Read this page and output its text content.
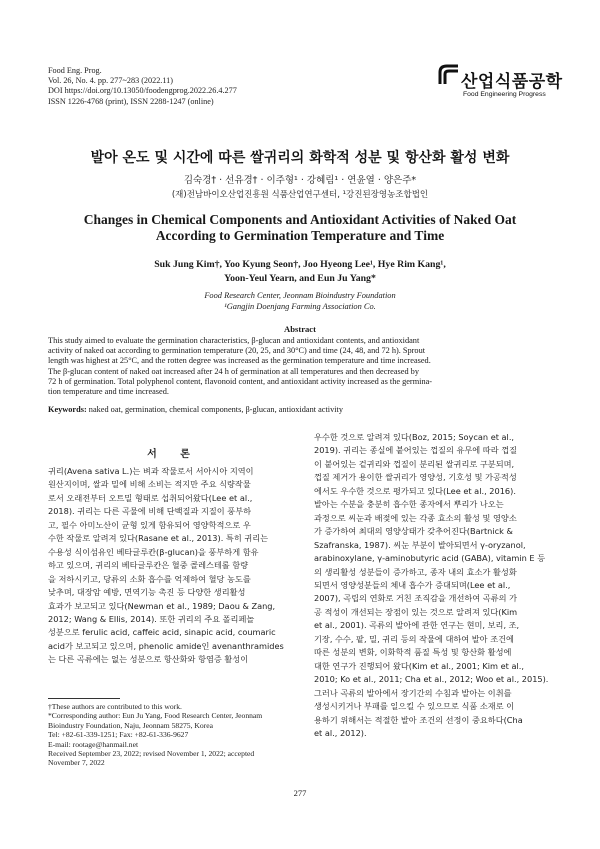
Food Eng. Prog.
Vol. 26, No. 4. pp. 277~283 (2022.11)
DOI https://doi.org/10.13050/foodengprog.2022.26.4.277
ISSN 1226-4768 (print), ISSN 2288-1247 (online)
산업식품공학
Food Engineering Progress
발아 온도 및 시간에 따른 쌀귀리의 화학적 성분 및 항산화 활성 변화
김숙경† · 선유경† · 이주형¹ · 강혜림¹ · 연윤열 · 양은주*
(재)전남바이오산업진흥원 식품산업연구센터, ¹강진된장영농조합법인
Changes in Chemical Components and Antioxidant Activities of Naked Oat
According to Germination Temperature and Time
Suk Jung Kim†, Yoo Kyung Seon†, Joo Hyeong Lee¹, Hye Rim Kang¹,
Yoon-Yeul Yearn, and Eun Ju Yang*
Food Research Center, Jeonnam Bioindustry Foundation
¹Gangjin Doenjang Farming Association Co.
Abstract
This study aimed to evaluate the germination characteristics, β-glucan and antioxidant contents, and antioxidant
activity of naked oat according to germination temperature (20, 25, and 30°C) and time (24, 48, and 72 h). Sprout
length was highest at 25°C, and the rotten degree was increased as the germination temperature and time increased.
The β-glucan content of naked oat increased after 24 h of germination at all temperatures and then decreased by
72 h of germination. Total polyphenol content, flavonoid content, and antioxidant activity increased as the germina-
tion temperature and time increased.
Keywords: naked oat, germination, chemical components, β-glucan, antioxidant activity
서 론

귀리(Avena sativa L.)는 벼과 작물로서 서아시아 지역이

원산지이며, 쌀과 밀에 비해 소비는 적지만 주요 식량작물

로서 오래전부터 오트밀 형태로 섭취되어왔다(Lee et al.,

2018). 귀리는 다른 곡물에 비해 단백질과 지질이 풍부하

고, 필수 아미노산이 균형 있게 함유되어 영양학적으로 우

수한 작물로 알려져 있다(Rasane et al., 2013). 특히 귀리는

수용성 식이섬유인 베타글루칸(β-glucan)을 풍부하게 함유

하고 있으며, 귀리의 베타글루칸은 혈중 콜레스테롤 함량

을 저하시키고, 당류의 소화 흡수를 억제하여 혈당 농도를

낮추며, 대장암 예방, 면역기능 촉진 등 다양한 생리활성

효과가 보고되고 있다(Newman et al., 1989; Daou & Zang,

2012; Wang & Ellis, 2014). 또한 귀리의 주요 폴리페놀

성분으로 ferulic acid, caffeic acid, sinapic acid, coumaric

acid가 보고되고 있으며, phenolic amide인 avenanthramides

는 다른 곡류에는 없는 성분으로 항산화와 항염증 활성이

우수한 것으로 알려져 있다(Boz, 2015; Soycan et al.,

2019). 귀리는 종실에 붙어있는 껍질의 유무에 따라 껍질

이 붙어있는 겉귀리와 껍질이 분리된 쌀귀리로 구분되며,

껍질 제거가 용이한 쌀귀리가 영양성, 기호성 및 가공적성

에서도 우수한 것으로 평가되고 있다(Lee et al., 2016).

발아는 수분을 충분히 흡수한 종자에서 뿌리가 나오는

과정으로 씨눈과 배젖에 있는 각종 효소의 활성 및 영양소

가 증가하여 최대의 영양상태가 갖추어진다(Bartnick &

Szafranska, 1987). 씨눈 부분이 발아되면서 γ-oryzanol,

arabinoxylane, γ-aminobutyric acid (GABA), vitamin E 등

의 생리활성 성분들이 증가하고, 종자 내의 효소가 활성화

되면서 영양성분들의 체내 흡수가 증대되며(Lee et al.,

2007), 곡립의 연화로 거친 조직감을 개선하여 곡류의 가

공 적성이 개선되는 장점이 있는 것으로 알려져 있다(Kim

et al., 2001). 곡류의 발아에 관한 연구는 현미, 보리, 조,

기장, 수수, 팥, 밀, 귀리 등의 작물에 대하여 발아 조건에

따른 성분의 변화, 이화학적 품질 특성 및 항산화 활성에

대한 연구가 진행되어 왔다(Kim et al., 2001; Kim et al.,

2010; Ko et al., 2011; Cha et al., 2012; Woo et al., 2015).

그러나 곡류의 발아에서 장기간의 수침과 발아는 이취를

생성시키거나 부패를 일으킬 수 있으므로 식품 소재로 이

용하기 위해서는 적절한 발아 조건의 선정이 중요하다(Cha

et al., 2012).

†These authors are contributed to this work.

*Corresponding author: Eun Ju Yang, Food Research Center, Jeonnam

Bioindustry Foundation, Naju, Jeonnam 58275, Korea

Tel: +82-61-339-1251; Fax: +82-61-336-9627

E-mail: rootage@hanmail.net

Received September 23, 2022; revised November 1, 2022; accepted

November 7, 2022

277
